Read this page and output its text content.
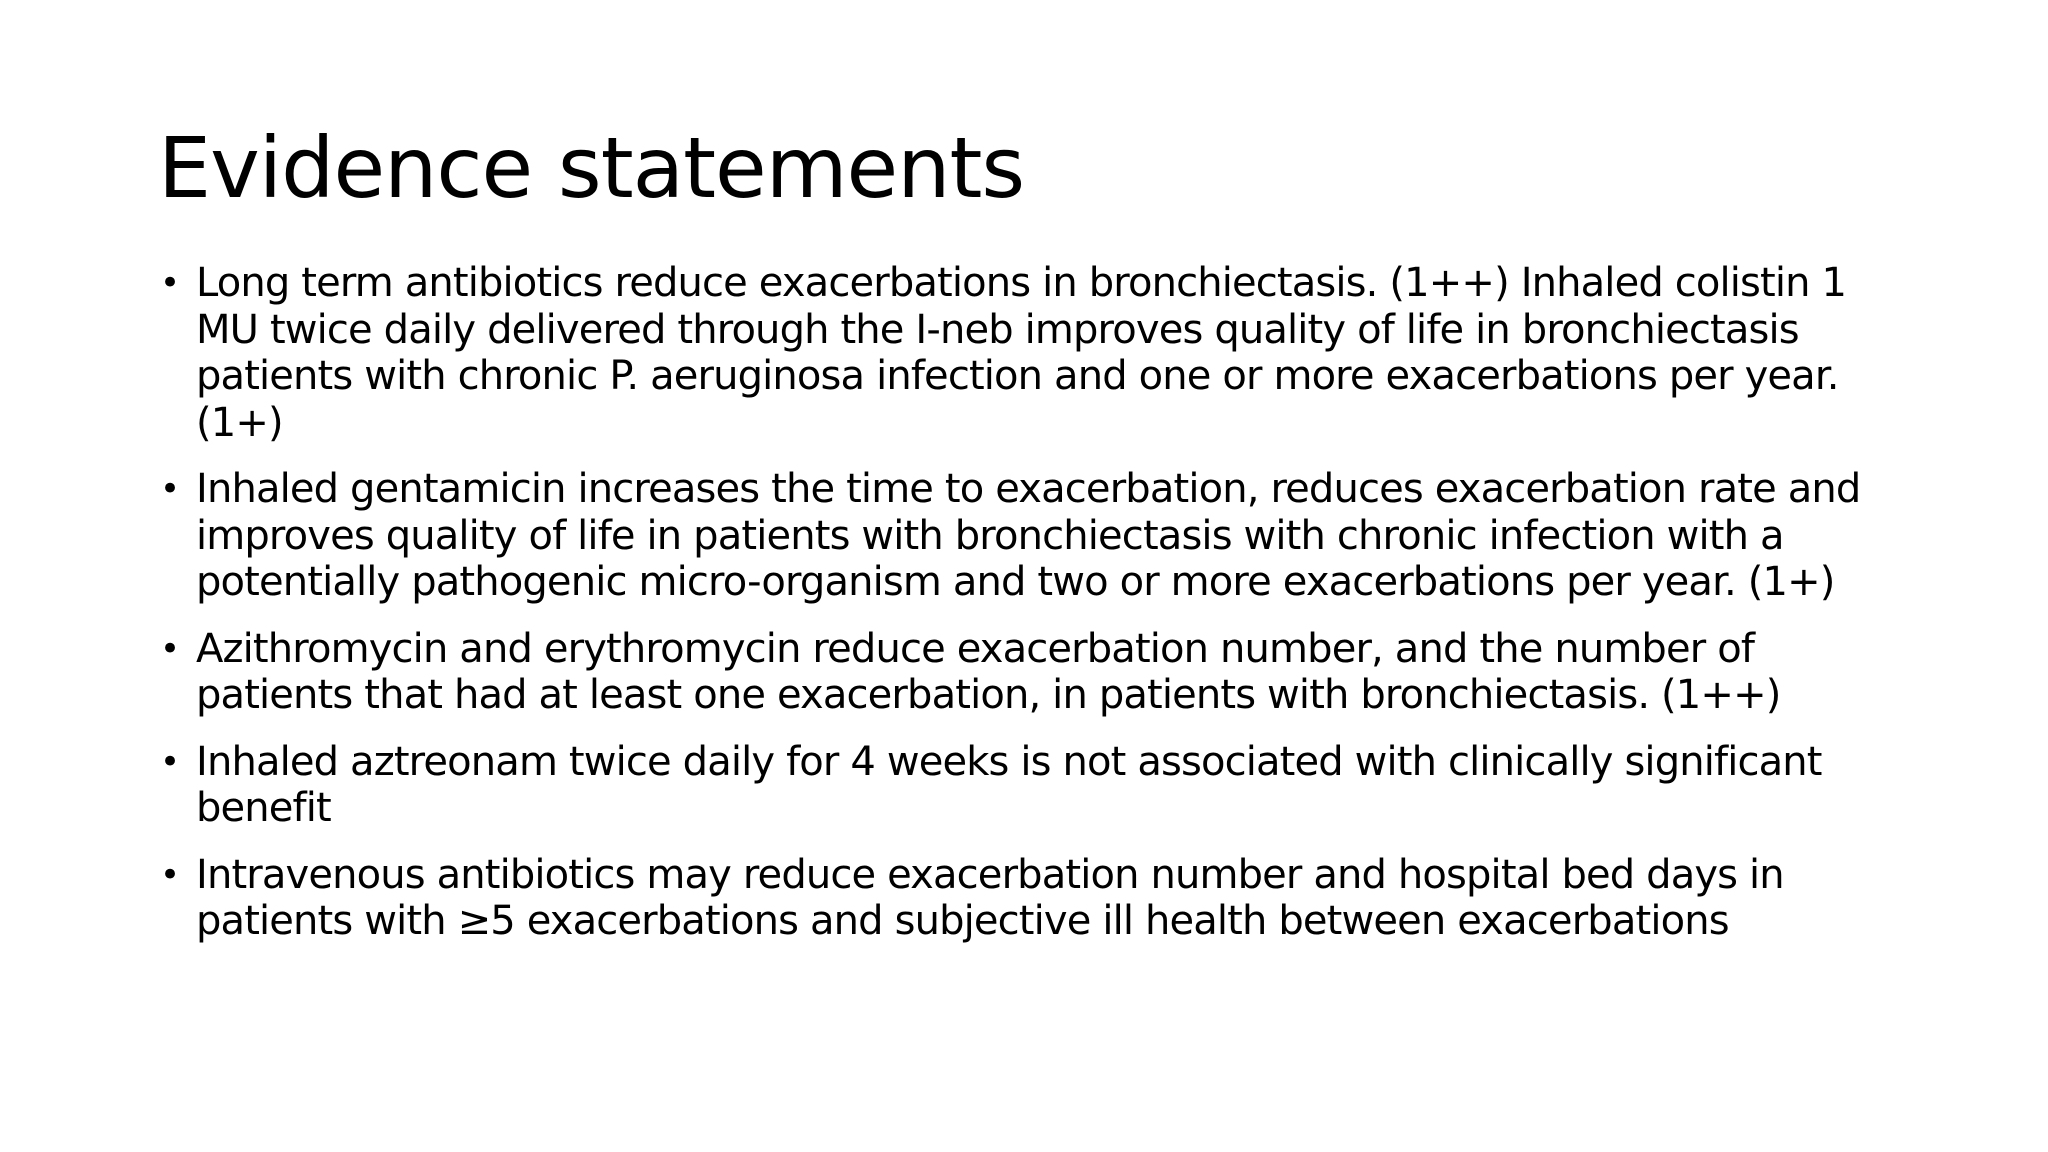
Evidence statements
• Long term antibiotics reduce exacerbations in bronchiectasis. (1++) Inhaled colistin 1 MU twice daily delivered through the I-neb improves quality of life in bronchiectasis patients with chronic P. aeruginosa infection and one or more exacerbations per year. (1+)
• Inhaled gentamicin increases the time to exacerbation, reduces exacerbation rate and improves quality of life in patients with bronchiectasis with chronic infection with a potentially pathogenic micro-organism and two or more exacerbations per year. (1+)
• Azithromycin and erythromycin reduce exacerbation number, and the number of patients that had at least one exacerbation, in patients with bronchiectasis. (1++)
• Inhaled aztreonam twice daily for 4 weeks is not associated with clinically significant benefit
• Intravenous antibiotics may reduce exacerbation number and hospital bed days in patients with ≥5 exacerbations and subjective ill health between exacerbations
